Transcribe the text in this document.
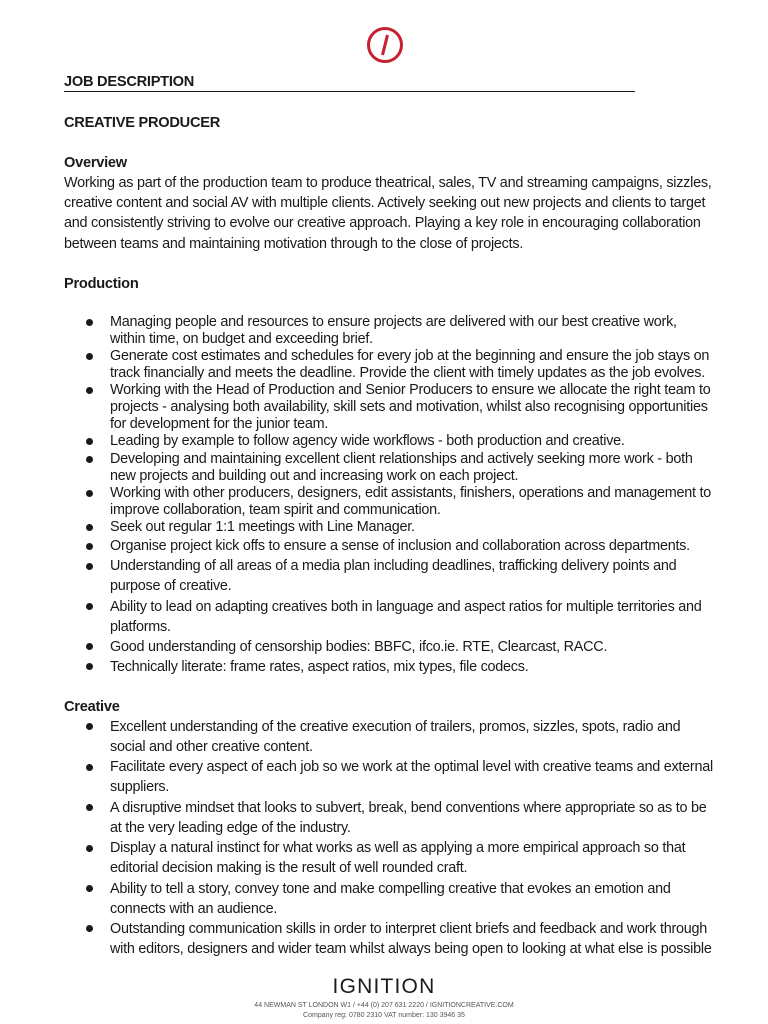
JOB DESCRIPTION
CREATIVE PRODUCER
Overview

Working as part of the production team to produce theatrical, sales, TV and streaming campaigns, sizzles, creative content and social AV with multiple clients. Actively seeking out new projects and clients to target and consistently striving to evolve our creative approach. Playing a key role in encouraging collaboration between teams and maintaining motivation through to the close of projects.

Production
Managing people and resources to ensure projects are delivered with our best creative work, within time, on budget and exceeding brief.
Generate cost estimates and schedules for every job at the beginning and ensure the job stays on track financially and meets the deadline. Provide the client with timely updates as the job evolves.
Working with the Head of Production and Senior Producers to ensure we allocate the right team to projects - analysing both availability, skill sets and motivation, whilst also recognising opportunities for development for the junior team.
Leading by example to follow agency wide workflows - both production and creative.
Developing and maintaining excellent client relationships and actively seeking more work - both new projects and building out and increasing work on each project.
Working with other producers, designers, edit assistants, finishers, operations and management to improve collaboration, team spirit and communication.
Seek out regular 1:1 meetings with Line Manager.
Organise project kick offs to ensure a sense of inclusion and collaboration across departments.
Understanding of all areas of a media plan including deadlines, trafficking delivery points and purpose of creative.
Ability to lead on adapting creatives both in language and aspect ratios for multiple territories and platforms.
Good understanding of censorship bodies: BBFC, ifco.ie. RTE, Clearcast, RACC.
Technically literate: frame rates, aspect ratios, mix types, file codecs.
Creative
Excellent understanding of the creative execution of trailers, promos, sizzles, spots, radio and social and other creative content.
Facilitate every aspect of each job so we work at the optimal level with creative teams and external suppliers.
A disruptive mindset that looks to subvert, break, bend conventions where appropriate so as to be at the very leading edge of the industry.
Display a natural instinct for what works as well as applying a more empirical approach so that editorial decision making is the result of well rounded craft.
Ability to tell a story, convey tone and make compelling creative that evokes an emotion and connects with an audience.
Outstanding communication skills in order to interpret client briefs and feedback and work through with editors, designers and wider team whilst always being open to looking at what else is possible
IGNITION
44 NEWMAN ST LONDON W1 / +44 (0) 207 631 2220 / IGNITIONCREATIVE.COM
Company reg: 0780 2310 VAT number: 130 3946 35
